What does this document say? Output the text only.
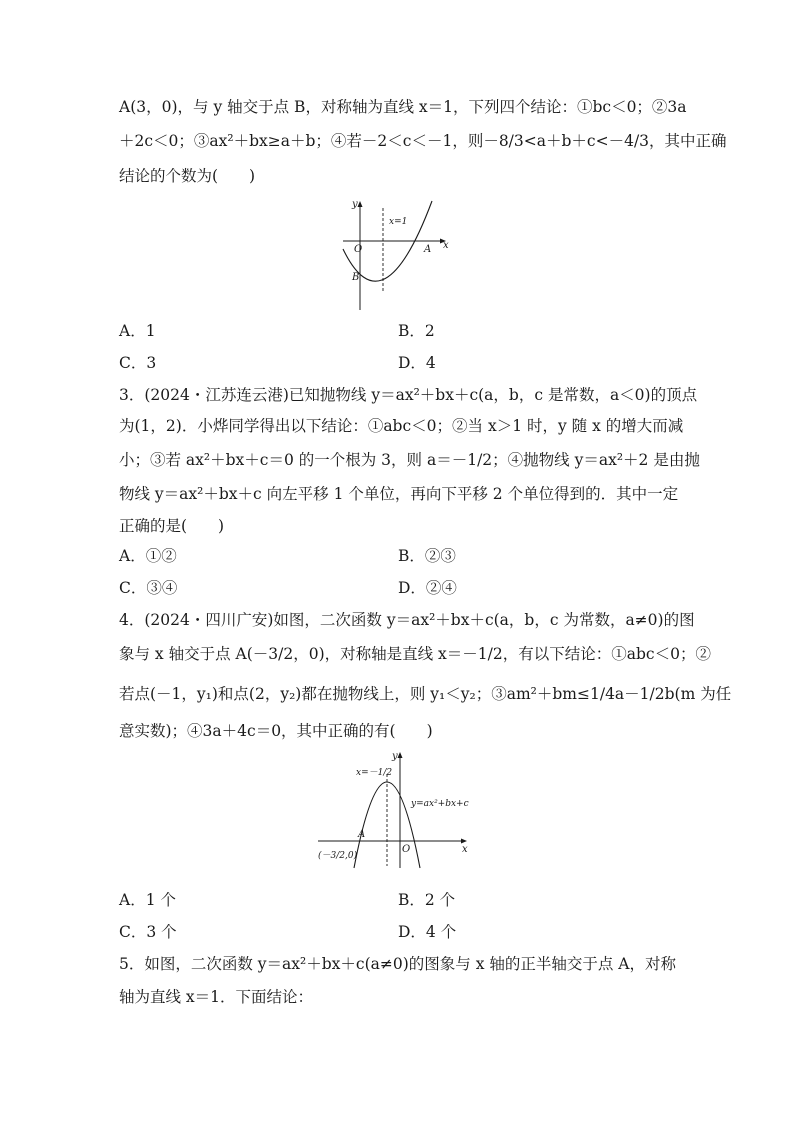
A(3，0)，与 y 轴交于点 B，对称轴为直线 x＝1，下列四个结论：①bc＜0；②3a
＋2c＜0；③ax²＋bx≥a＋b；④若－2＜c＜－1，则－8/3<a＋b＋c<－4/3，其中正确
结论的个数为(　　)
y
x
O
x=1
A
B
A．1	B．2
C．3	D．4
3．(2024・江苏连云港)已知抛物线 y＝ax²＋bx＋c(a，b，c 是常数，a＜0)的顶点
为(1，2)．小烨同学得出以下结论：①abc＜0；②当 x＞1 时，y 随 x 的增大而减
小；③若 ax²＋bx＋c＝0 的一个根为 3，则 a＝－1/2；④抛物线 y＝ax²＋2 是由抛
物线 y＝ax²＋bx＋c 向左平移 1 个单位，再向下平移 2 个单位得到的．其中一定
正确的是(　　)
A．①②	B．②③
C．③④	D．②④
4．(2024・四川广安)如图，二次函数 y＝ax²＋bx＋c(a，b，c 为常数，a≠0)的图
象与 x 轴交于点 A(－3/2，0)，对称轴是直线 x＝－1/2，有以下结论：①abc＜0；②
若点(－1，y₁)和点(2，y₂)都在抛物线上，则 y₁＜y₂；③am²＋bm≤1/4a－1/2b(m 为任
意实数)；④3a＋4c＝0，其中正确的有(　　)
y
x
O
x=－1/2
y=ax²+bx+c
A
(－3/2,0)
A．1 个	B．2 个
C．3 个	D．4 个
5．如图，二次函数 y＝ax²＋bx＋c(a≠0)的图象与 x 轴的正半轴交于点 A，对称
轴为直线 x＝1．下面结论：
